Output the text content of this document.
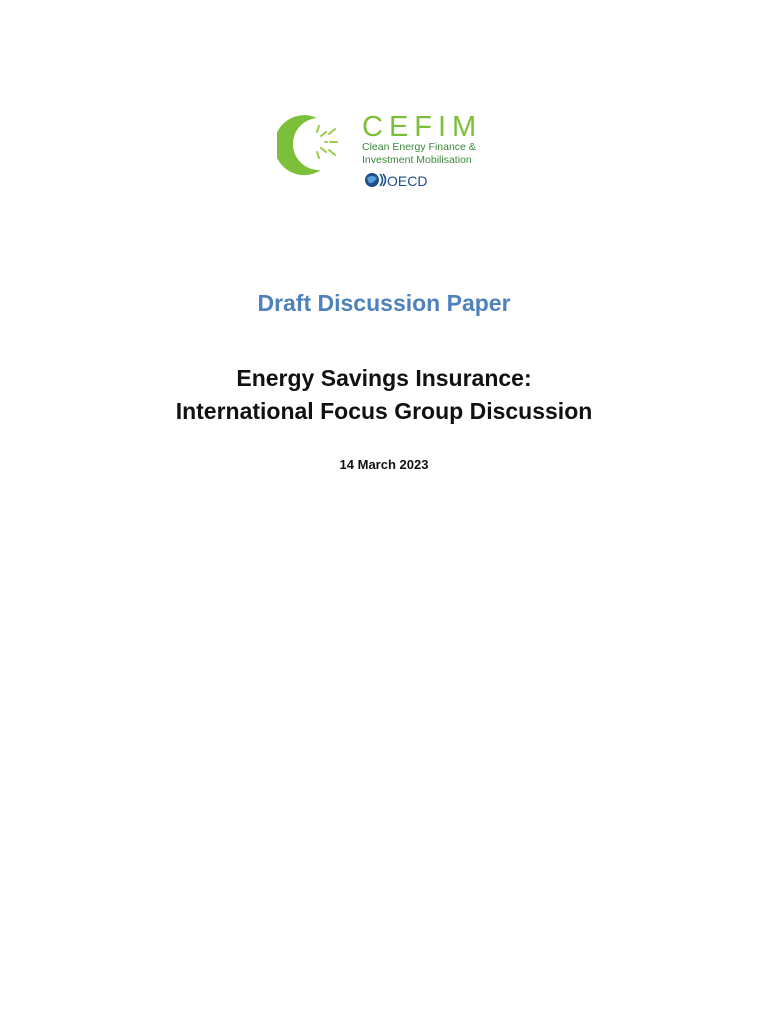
CEFIM
Clean Energy Finance &
Investment Mobilisation
OECD
Draft Discussion Paper
Energy Savings Insurance:
International Focus Group Discussion
14 March 2023
